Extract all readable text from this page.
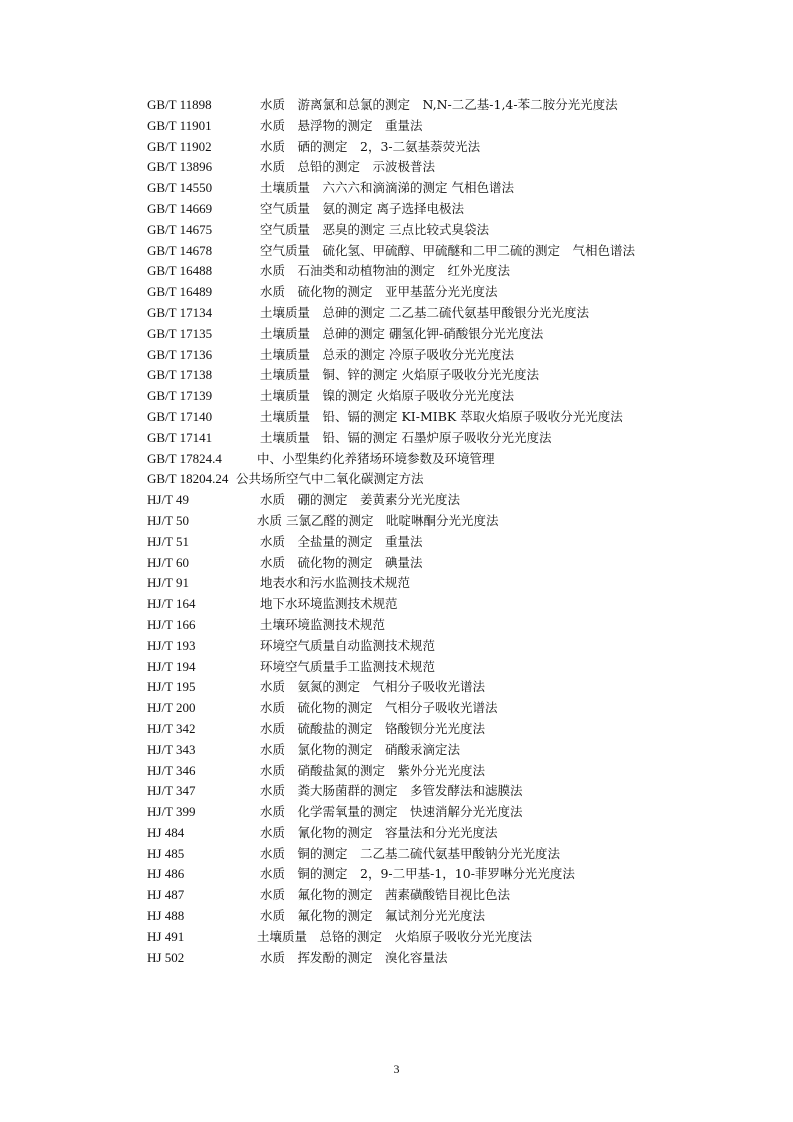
GB/T 11898	水质　游离氯和总氯的测定　N,N-二乙基-1,4-苯二胺分光光度法
GB/T 11901	水质　悬浮物的测定　重量法
GB/T 11902	水质　硒的测定　2，3-二氨基萘荧光法
GB/T 13896	水质　总铅的测定　示波极普法
GB/T 14550	土壤质量　六六六和滴滴涕的测定 气相色谱法
GB/T 14669	空气质量　氨的测定 离子选择电极法
GB/T 14675	空气质量　恶臭的测定 三点比较式臭袋法
GB/T 14678	空气质量　硫化氢、甲硫醇、甲硫醚和二甲二硫的测定　气相色谱法
GB/T 16488	水质　石油类和动植物油的测定　红外光度法
GB/T 16489	水质　硫化物的测定　亚甲基蓝分光光度法
GB/T 17134	土壤质量　总砷的测定 二乙基二硫代氨基甲酸银分光光度法
GB/T 17135	土壤质量　总砷的测定 硼氢化钾-硝酸银分光光度法
GB/T 17136	土壤质量　总汞的测定 冷原子吸收分光光度法
GB/T 17138	土壤质量　铜、锌的测定 火焰原子吸收分光光度法
GB/T 17139	土壤质量　镍的测定 火焰原子吸收分光光度法
GB/T 17140	土壤质量　铅、镉的测定 KI-MIBK 萃取火焰原子吸收分光光度法
GB/T 17141	土壤质量　铅、镉的测定 石墨炉原子吸收分光光度法
GB/T 17824.4	中、小型集约化养猪场环境参数及环境管理
GB/T 18204.24 公共场所空气中二氧化碳测定方法
HJ/T 49	水质　硼的测定　姜黄素分光光度法
HJ/T 50	水质 三氯乙醛的测定　吡啶啉酮分光光度法
HJ/T 51	水质　全盐量的测定　重量法
HJ/T 60	水质　硫化物的测定　碘量法
HJ/T 91	地表水和污水监测技术规范
HJ/T 164	地下水环境监测技术规范
HJ/T 166	土壤环境监测技术规范
HJ/T 193	环境空气质量自动监测技术规范
HJ/T 194	环境空气质量手工监测技术规范
HJ/T 195	水质　氨氮的测定　气相分子吸收光谱法
HJ/T 200	水质　硫化物的测定　气相分子吸收光谱法
HJ/T 342	水质　硫酸盐的测定　铬酸钡分光光度法
HJ/T 343	水质　氯化物的测定　硝酸汞滴定法
HJ/T 346	水质　硝酸盐氮的测定　紫外分光光度法
HJ/T 347	水质　粪大肠菌群的测定　多管发酵法和滤膜法
HJ/T 399	水质　化学需氧量的测定　快速消解分光光度法
HJ 484	水质　氰化物的测定　容量法和分光光度法
HJ 485	水质　铜的测定　二乙基二硫代氨基甲酸钠分光光度法
HJ 486	水质　铜的测定　2，9-二甲基-1，10-菲罗啉分光光度法
HJ 487	水质　氟化物的测定　茜素磺酸锆目视比色法
HJ 488	水质　氟化物的测定　氟试剂分光光度法
HJ 491	土壤质量　总铬的测定　火焰原子吸收分光光度法
HJ 502	水质　挥发酚的测定　溴化容量法
3
